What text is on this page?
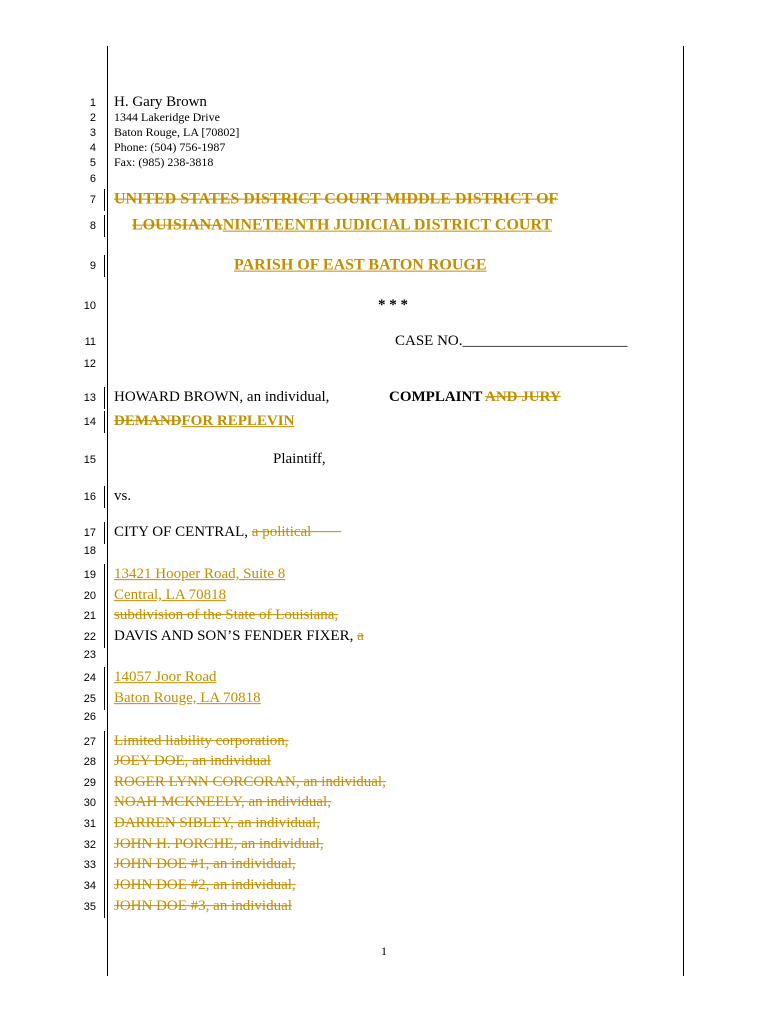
1 H. Gary Brown
2 1344 Lakeridge Drive
3 Baton Rouge, LA [70802]
4 Phone: (504) 756-1987
5 Fax: (985) 238-3818
6
7 UNITED STATES DISTRICT COURT MIDDLE DISTRICT OF
8 LOUISIANANINETEENTH JUDICIAL DISTRICT COURT
9	PARISH OF EAST BATON ROUGE
10	* * *
11	CASE NO.______________________
12
13 HOWARD BROWN, an individual,	COMPLAINT AND JURY
14 DEMANDFOR REPLEVIN
15	Plaintiff,
16 vs.
17 CITY OF CENTRAL, a political
18
19 13421 Hooper Road, Suite 8
20 Central, LA 70818
21 subdivision of the State of Louisiana,
22 DAVIS AND SON’S FENDER FIXER, a
23
24 14057 Joor Road
25 Baton Rouge, LA 70818
26
27 Limited liability corporation,
28 JOEY DOE, an individual
29 ROGER LYNN CORCORAN, an individual,
30 NOAH MCKNEELY, an individual,
31 DARREN SIBLEY, an individual,
32 JOHN H. PORCHE, an individual,
33 JOHN DOE #1, an individual,
34 JOHN DOE #2, an individual,
35 JOHN DOE #3, an individual
1
